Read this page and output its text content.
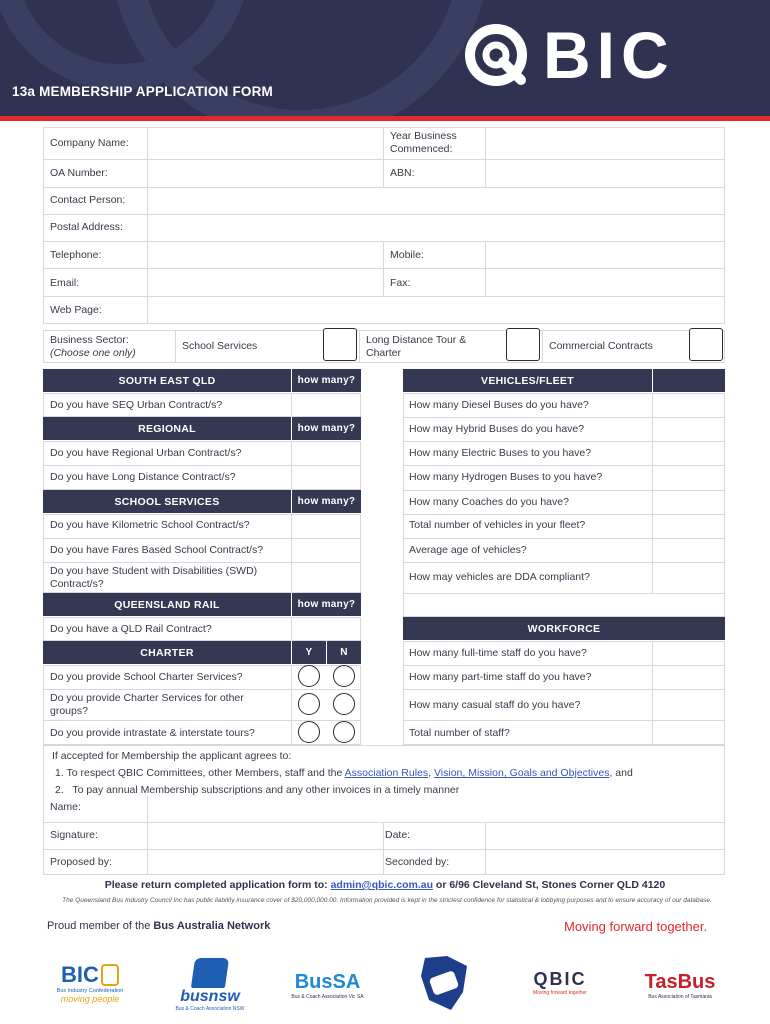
13a MEMBERSHIP APPLICATION FORM	BIC
Company Name:
Year Business
Commenced:
OA Number:	ABN:
Contact Person:
Postal Address:
Telephone:	Mobile:
Email:	Fax:
Web Page:
Business Sector:
(Choose one only)
School Services	Long Distance Tour &
Charter
Commercial Contracts
SOUTH EAST QLD	how many?
Do you have SEQ Urban Contract/s?
REGIONAL	how many?
Do you have Regional Urban Contract/s?
Do you have Long Distance Contract/s?
SCHOOL SERVICES	how many?
Do you have Kilometric School Contract/s?
Do you have Fares Based School Contract/s?
Do you have Student with Disabilities (SWD)
Contract/s?
QUEENSLAND RAIL	how many?
Do you have a QLD Rail Contract?
CHARTER	Y	N
Do you provide School Charter Services?
Do you provide Charter Services for other
groups?
Do you provide intrastate & interstate tours?
VEHICLES/FLEET
How many Diesel Buses do you have?
How may Hybrid Buses do you have?
How many Electric Buses to you have?
How many Hydrogen Buses to you have?
How many Coaches do you have?
Total number of vehicles in your fleet?
Average age of vehicles?
How may vehicles are DDA compliant?
WORKFORCE
How many full-time staff do you have?
How many part-time staff do you have?
How many casual staff do you have?
Total number of staff?
If accepted for Membership the applicant agrees to:
1. To respect QBIC Committees, other Members, staff and the Association Rules, Vision, Mission, Goals and Objectives, and
2.   To pay annual Membership subscriptions and any other invoices in a timely manner
Name:
Signature:	Date:
Proposed by:	Seconded by:
Please return completed application form to: admin@qbic.com.au or 6/96 Cleveland St, Stones Corner QLD 4120
The Queensland Bus Industry Council Inc has public liability insurance cover of $20,000,000.00. Information provided is kept in the strictest confidence for statistical & lobbying purposes and to ensure accuracy of our database.
Proud member of the Bus Australia Network	Moving forward together.
BIC
Bus Industry Confederation
moving people	busnsw
Bus & Coach Association NSW
BusSA
Bus & Coach Association Vic SA
QBIC
Moving forward together	TasBus
Bus Association of Tasmania
